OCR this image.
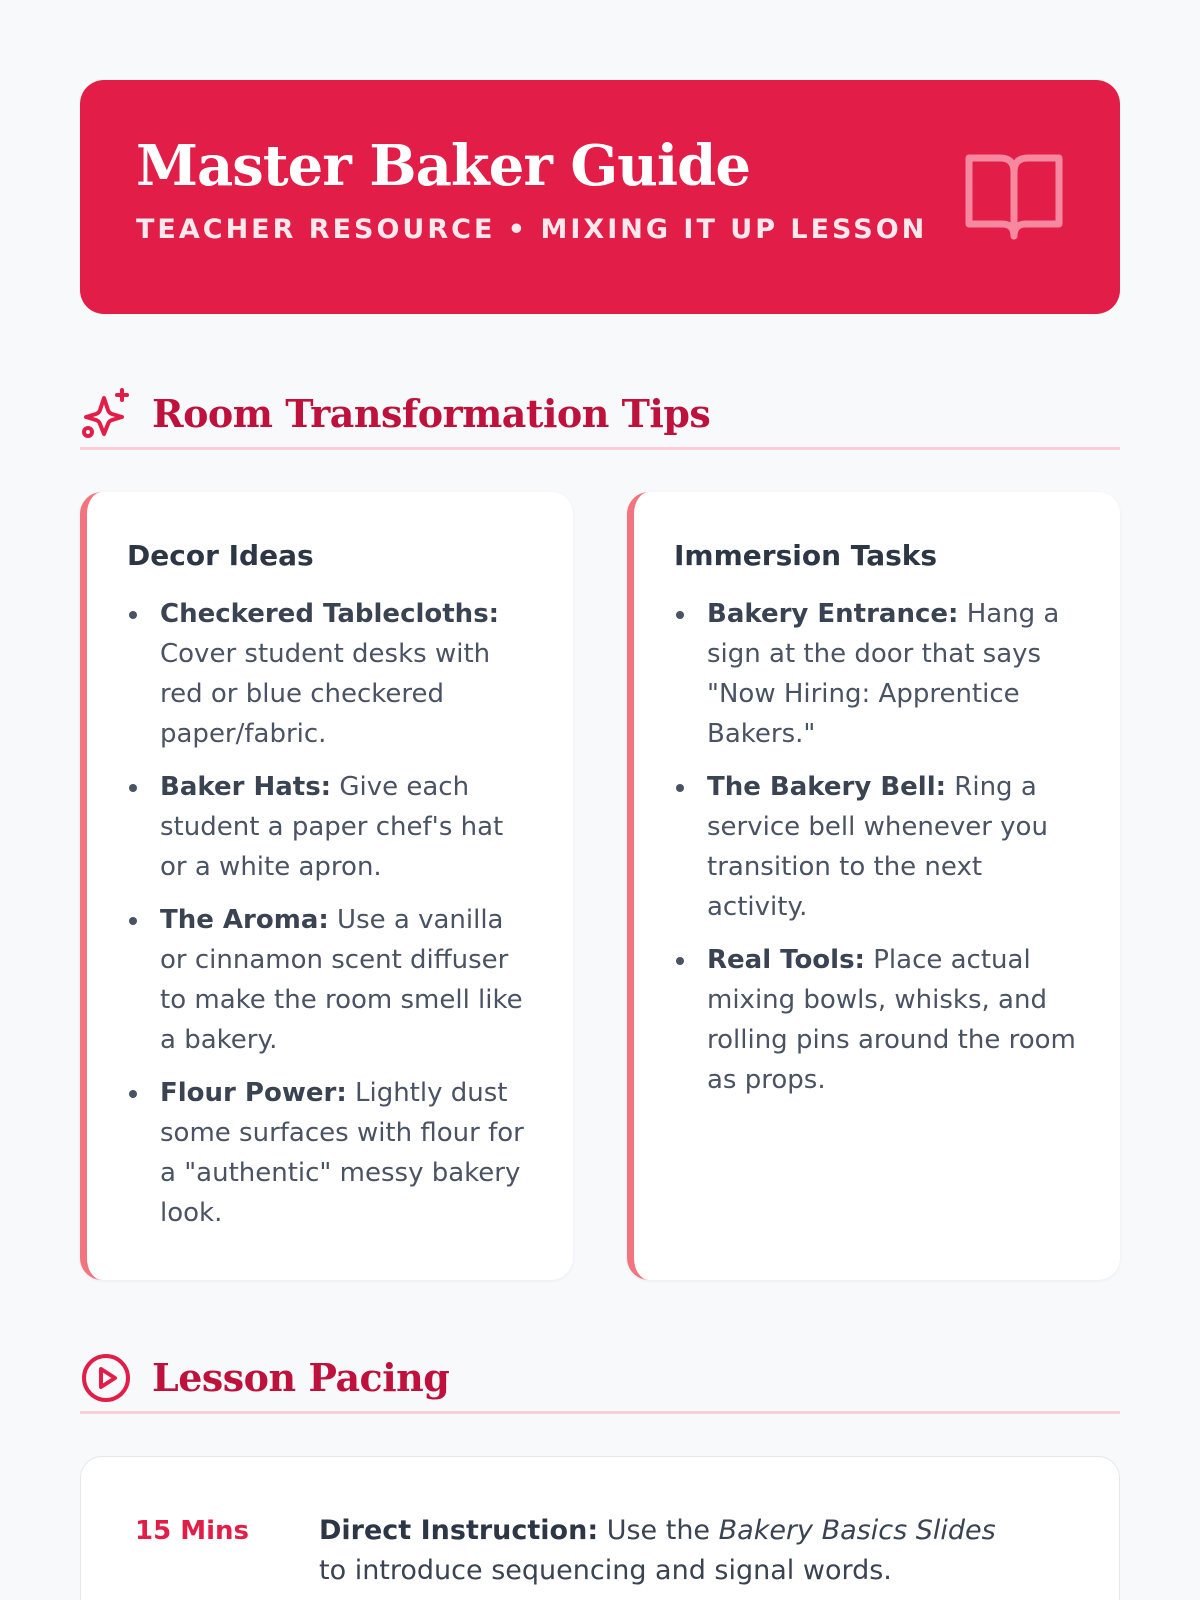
Master Baker Guide
TEACHER RESOURCE • MIXING IT UP LESSON
Room Transformation Tips
Decor Ideas
Checkered Tablecloths: Cover student desks with red or blue checkered paper/fabric.
Baker Hats: Give each student a paper chef's hat or a white apron.
The Aroma: Use a vanilla or cinnamon scent diffuser to make the room smell like a bakery.
Flour Power: Lightly dust some surfaces with flour for a "authentic" messy bakery look.
Immersion Tasks
Bakery Entrance: Hang a sign at the door that says "Now Hiring: Apprentice Bakers."
The Bakery Bell: Ring a service bell whenever you transition to the next activity.
Real Tools: Place actual mixing bowls, whisks, and rolling pins around the room as props.
Lesson Pacing
15 Mins	Direct Instruction: Use the Bakery Basics Slides to introduce sequencing and signal words.
